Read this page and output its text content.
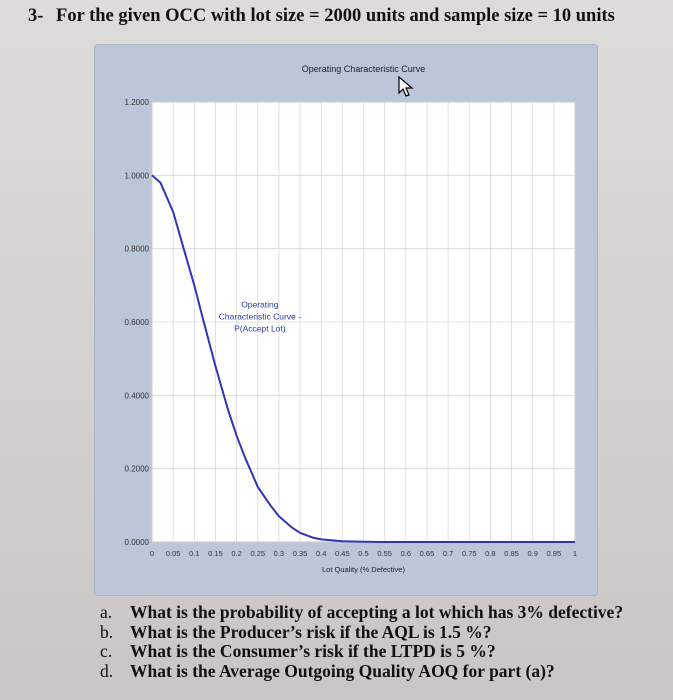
3- For the given OCC with lot size = 2000 units and sample size = 10 units
Operating Characteristic Curve
0.0000
0.2000
0.4000
0.6000
0.8000
1.0000
1.2000
0 0.05 0.1 0.15 0.2 0.25 0.3 0.35 0.4 0.45 0.5 0.55 0.6 0.65 0.7 0.75 0.8 0.85 0.9 0.95 1
Lot Quality (% Defective)
Operating
Characteristic Curve -
P(Accept Lot)
a.	What is the probability of accepting a lot which has 3% defective?
b. What is the Producer’s risk if the AQL is 1.5 %?
c.	What is the Consumer’s risk if the LTPD is 5 %?
d. What is the Average Outgoing Quality AOQ for part (a)?
